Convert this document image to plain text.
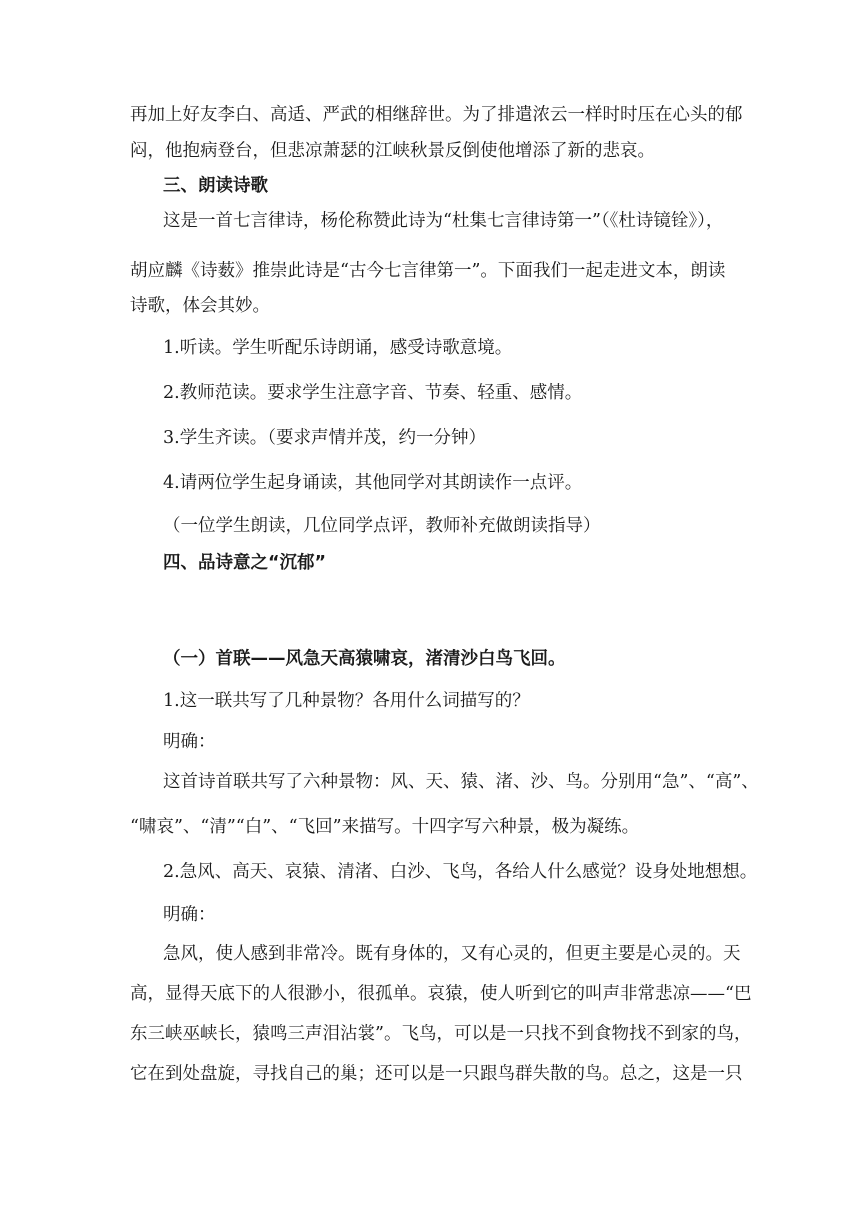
再加上好友李白、高适、严武的相继辞世。为了排遣浓云一样时时压在心头的郁
闷，他抱病登台，但悲凉萧瑟的江峡秋景反倒使他增添了新的悲哀。
三、朗读诗歌
这是一首七言律诗，杨伦称赞此诗为“杜集七言律诗第一”（《杜诗镜铨》），
胡应麟《诗薮》推崇此诗是“古今七言律第一”。下面我们一起走进文本，朗读
诗歌，体会其妙。
1.听读。学生听配乐诗朗诵，感受诗歌意境。
2.教师范读。要求学生注意字音、节奏、轻重、感情。
3.学生齐读。（要求声情并茂，约一分钟）
4.请两位学生起身诵读，其他同学对其朗读作一点评。
（一位学生朗读，几位同学点评，教师补充做朗读指导）
四、品诗意之“沉郁”
（一）首联——风急天高猿啸哀，渚清沙白鸟飞回。
1.这一联共写了几种景物？各用什么词描写的？
明确：
这首诗首联共写了六种景物：风、天、猿、渚、沙、鸟。分别用“急”、“高”、
“啸哀”、“清”“白”、“飞回”来描写。十四字写六种景，极为凝练。
2.急风、高天、哀猿、清渚、白沙、飞鸟，各给人什么感觉？设身处地想想。
明确：
急风，使人感到非常冷。既有身体的，又有心灵的，但更主要是心灵的。天
高，显得天底下的人很渺小，很孤单。哀猿，使人听到它的叫声非常悲凉——“巴
东三峡巫峡长，猿鸣三声泪沾裳”。飞鸟，可以是一只找不到食物找不到家的鸟，
它在到处盘旋，寻找自己的巢；还可以是一只跟鸟群失散的鸟。总之，这是一只
